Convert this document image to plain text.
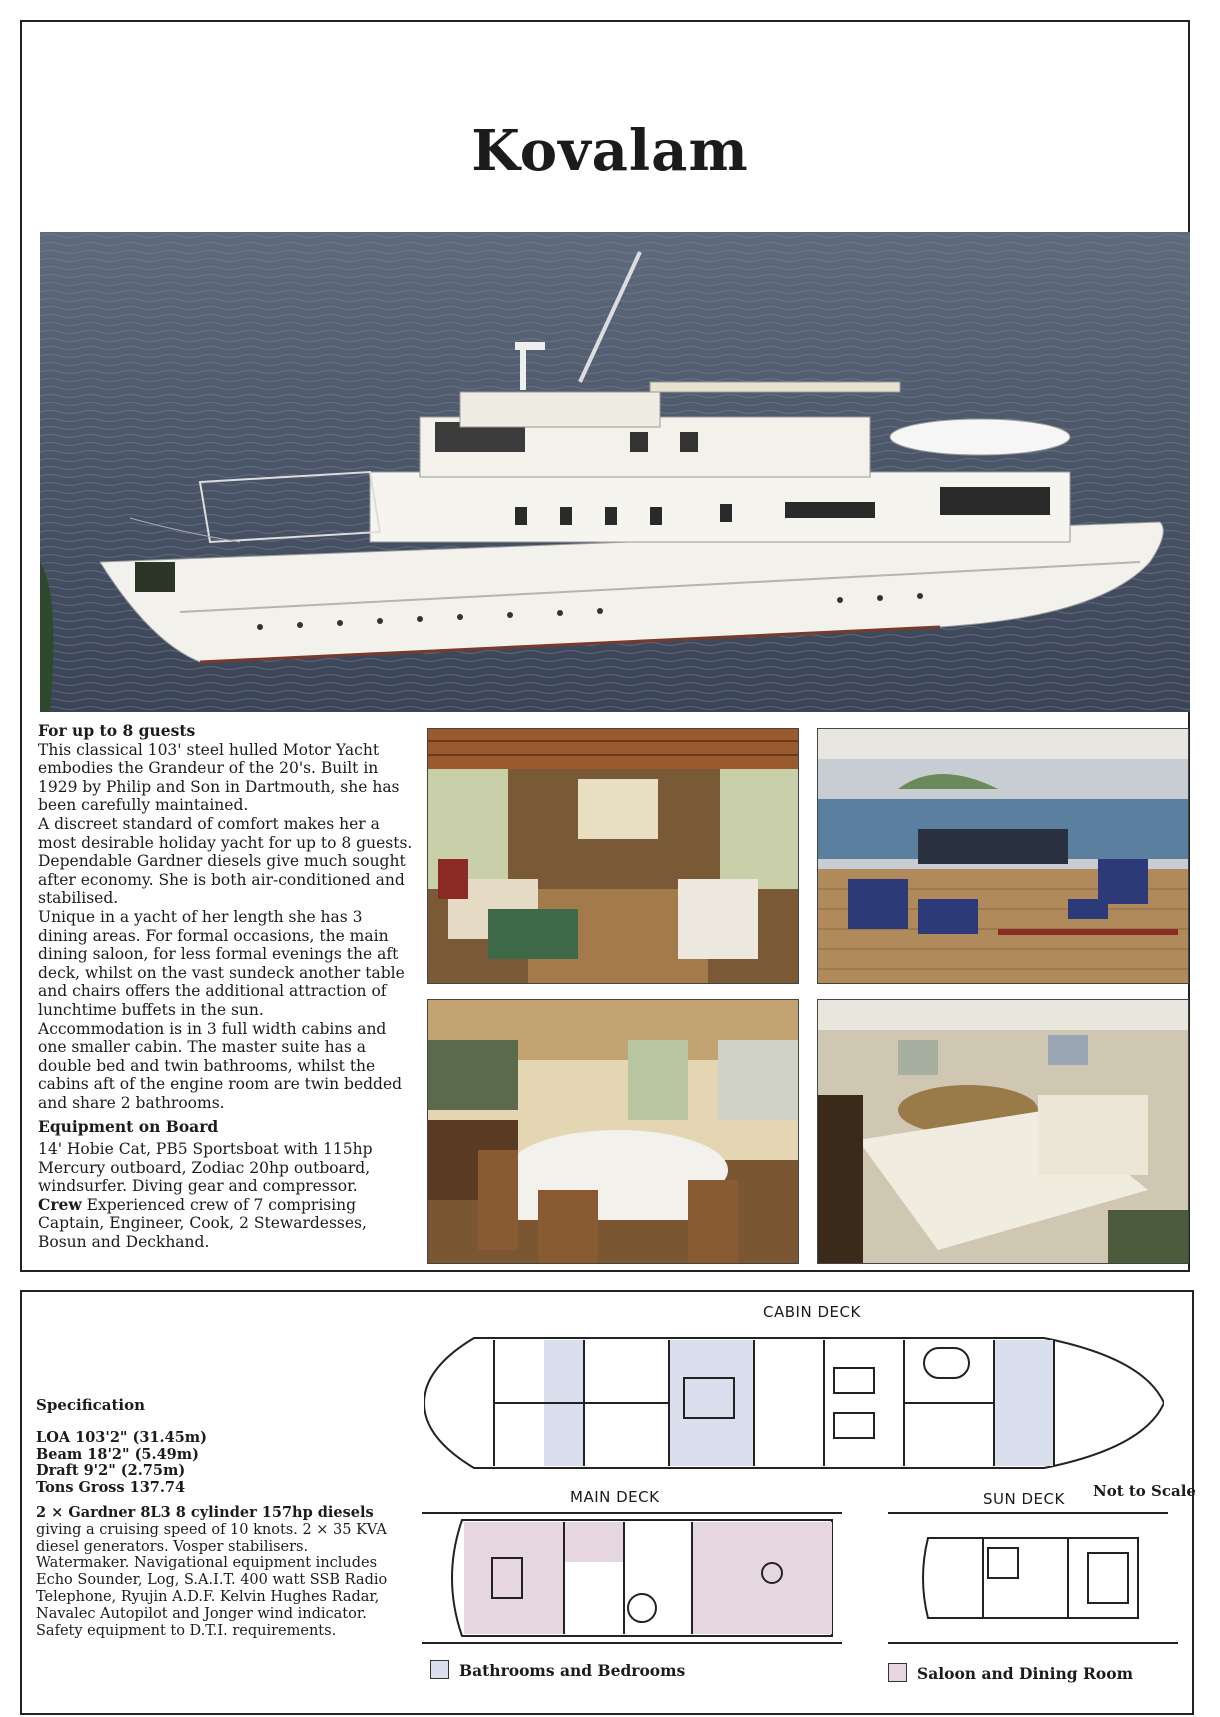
Kovalam
For up to 8 guests

This classical 103' steel hulled Motor Yacht embodies the Grandeur of the 20's. Built in 1929 by Philip and Son in Dartmouth, she has been carefully maintained.

A discreet standard of comfort makes her a most desirable holiday yacht for up to 8 guests. Dependable Gardner diesels give much sought after economy. She is both air-conditioned and stabilised.

Unique in a yacht of her length she has 3 dining areas. For formal occasions, the main dining saloon, for less formal evenings the aft deck, whilst on the vast sundeck another table and chairs offers the additional attraction of lunchtime buffets in the sun.

Accommodation is in 3 full width cabins and one smaller cabin. The master suite has a double bed and twin bathrooms, whilst the cabins aft of the engine room are twin bedded and share 2 bathrooms.

Equipment on Board

14' Hobie Cat, PB5 Sportsboat with 115hp Mercury outboard, Zodiac 20hp outboard, windsurfer. Diving gear and compressor.

Crew Experienced crew of 7 comprising Captain, Engineer, Cook, 2 Stewardesses, Bosun and Deckhand.

Specification
LOA 103'2" (31.45m)
Beam 18'2" (5.49m)
Draft 9'2" (2.75m)
Tons Gross 137.74
2 × Gardner 8L3 8 cylinder 157hp diesels giving a cruising speed of 10 knots. 2 × 35 KVA diesel generators. Vosper stabilisers. Watermaker. Navigational equipment includes Echo Sounder, Log, S.A.I.T. 400 watt SSB Radio Telephone, Ryujin A.D.F. Kelvin Hughes Radar, Navalec Autopilot and Jonger wind indicator. Safety equipment to D.T.I. requirements.
CABIN DECK
MAIN DECK	SUN DECK Not to Scale
Bathrooms and Bedrooms	Saloon and Dining Room
